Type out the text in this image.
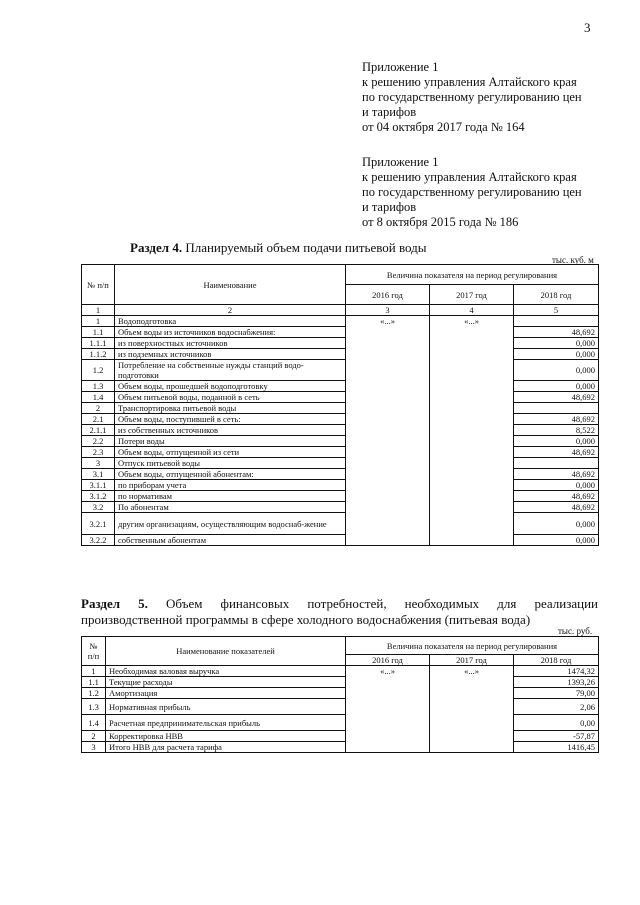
3
Приложение 1
к решению управления Алтайского края
по государственному регулированию цен
и тарифов
от 04 октября 2017 года № 164
Приложение 1
к решению управления Алтайского края
по государственному регулированию цен
и тарифов
от 8 октября 2015 года № 186
Раздел 4. Планируемый объем подачи питьевой воды
тыс. куб. м
№ п/п	Наименование	Величина показателя на период регулирования		
		2016 год	2017 год	2018 год
1	2	3	4	5
1	Водоподготовка	«...»	«...»	
1.1	Объем воды из источников водоснабжения:			48,692
1.1.1	из поверхностных источников			0,000
1.1.2	из подземных источников			0,000
1.2	Потребление на собственные нужды станций водо-подготовки			0,000
1.3	Объем воды, прошедшей водоподготовку			0,000
1.4	Объем питьевой воды, поданной в сеть			48,692
2	Транспортировка питьевой воды			
2.1	Объем воды, поступившей в сеть:			48,692
2.1.1	из собственных источников			8,522
2.2	Потери воды			0,000
2.3	Объем воды, отпущенной из сети			48,692
3	Отпуск питьевой воды			
3.1	Объем воды, отпущенной абонентам:			48,692
3.1.1	по приборам учета			0,000
3.1.2	по нормативам			48,692
3.2	По абонентам			48,692
3.2.1	другим организациям, осуществляющим водоснаб-жение			0,000
3.2.2	собственным абонентам			0,000
Раздел 5. Объем финансовых потребностей, необходимых для реализации производственной программы в сфере холодного водоснабжения (питьевая вода)
тыс. руб.
№ п/п	Наименование показателей	Величина показателя на период регулирования		
		2016 год	2017 год	2018 год
1	Необходимая валовая выручка	«...»	«...»	1474,32
1.1	Текущие расходы			1393,26
1.2	Амортизация			79,00
1.3	Нормативная прибыль			2,06
1.4	Расчетная предпринимательская прибыль			0,00
2	Корректировка НВВ			-57,87
3	Итого НВВ для расчета тарифа			1416,45
